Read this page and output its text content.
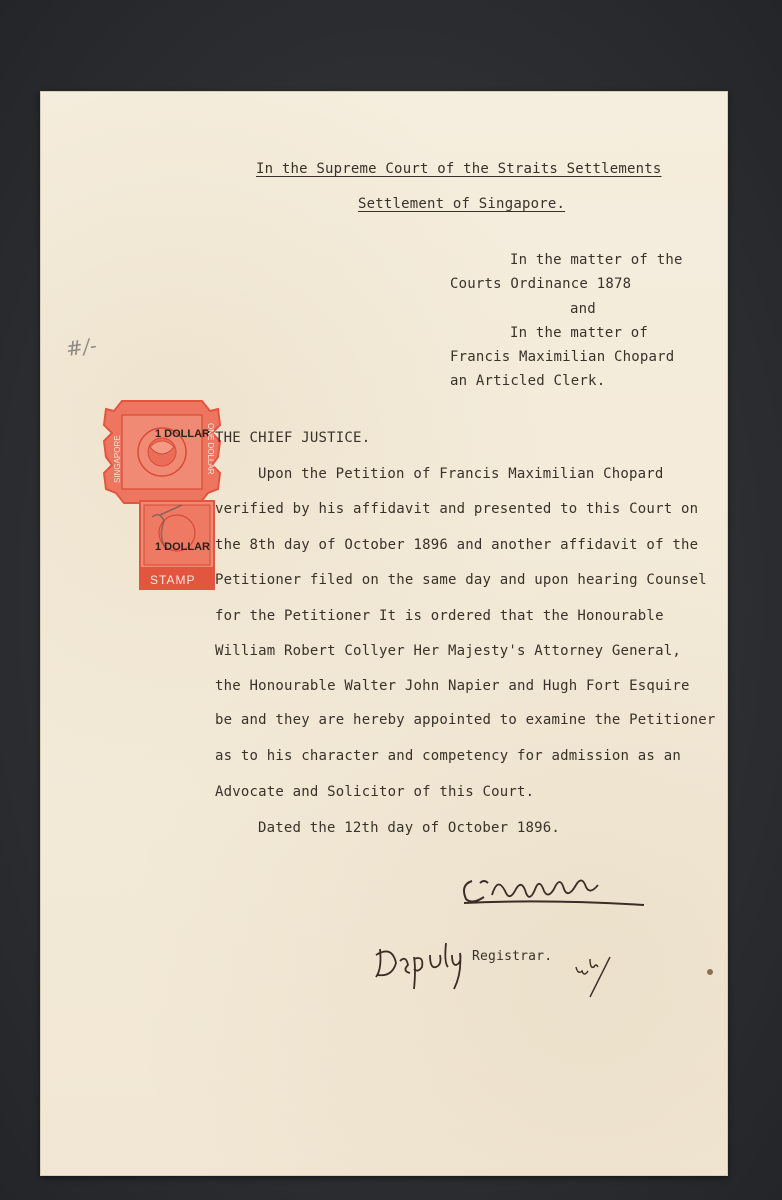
In the Supreme Court of the Straits Settlements
Settlement of Singapore.
In the matter of the
Courts Ordinance 1878
and
In the matter of
Francis Maximilian Chopard
an Articled Clerk.
#/-
1 DOLLAR
1 DOLLAR
SINGAPORE	ONE DOLLAR
STAMP
THE CHIEF JUSTICE.
Upon the Petition of Francis Maximilian Chopard
verified by his affidavit and presented to this Court on
the 8th day of October 1896 and another affidavit of the
Petitioner filed on the same day and upon hearing Counsel
for the Petitioner It is ordered that the Honourable
William Robert Collyer Her Majesty's Attorney General,
the Honourable Walter John Napier and Hugh Fort Esquire
be and they are hereby appointed to examine the Petitioner
as to his character and competency for admission as an
Advocate and Solicitor of this Court.
Dated the 12th day of October 1896.
Registrar.
